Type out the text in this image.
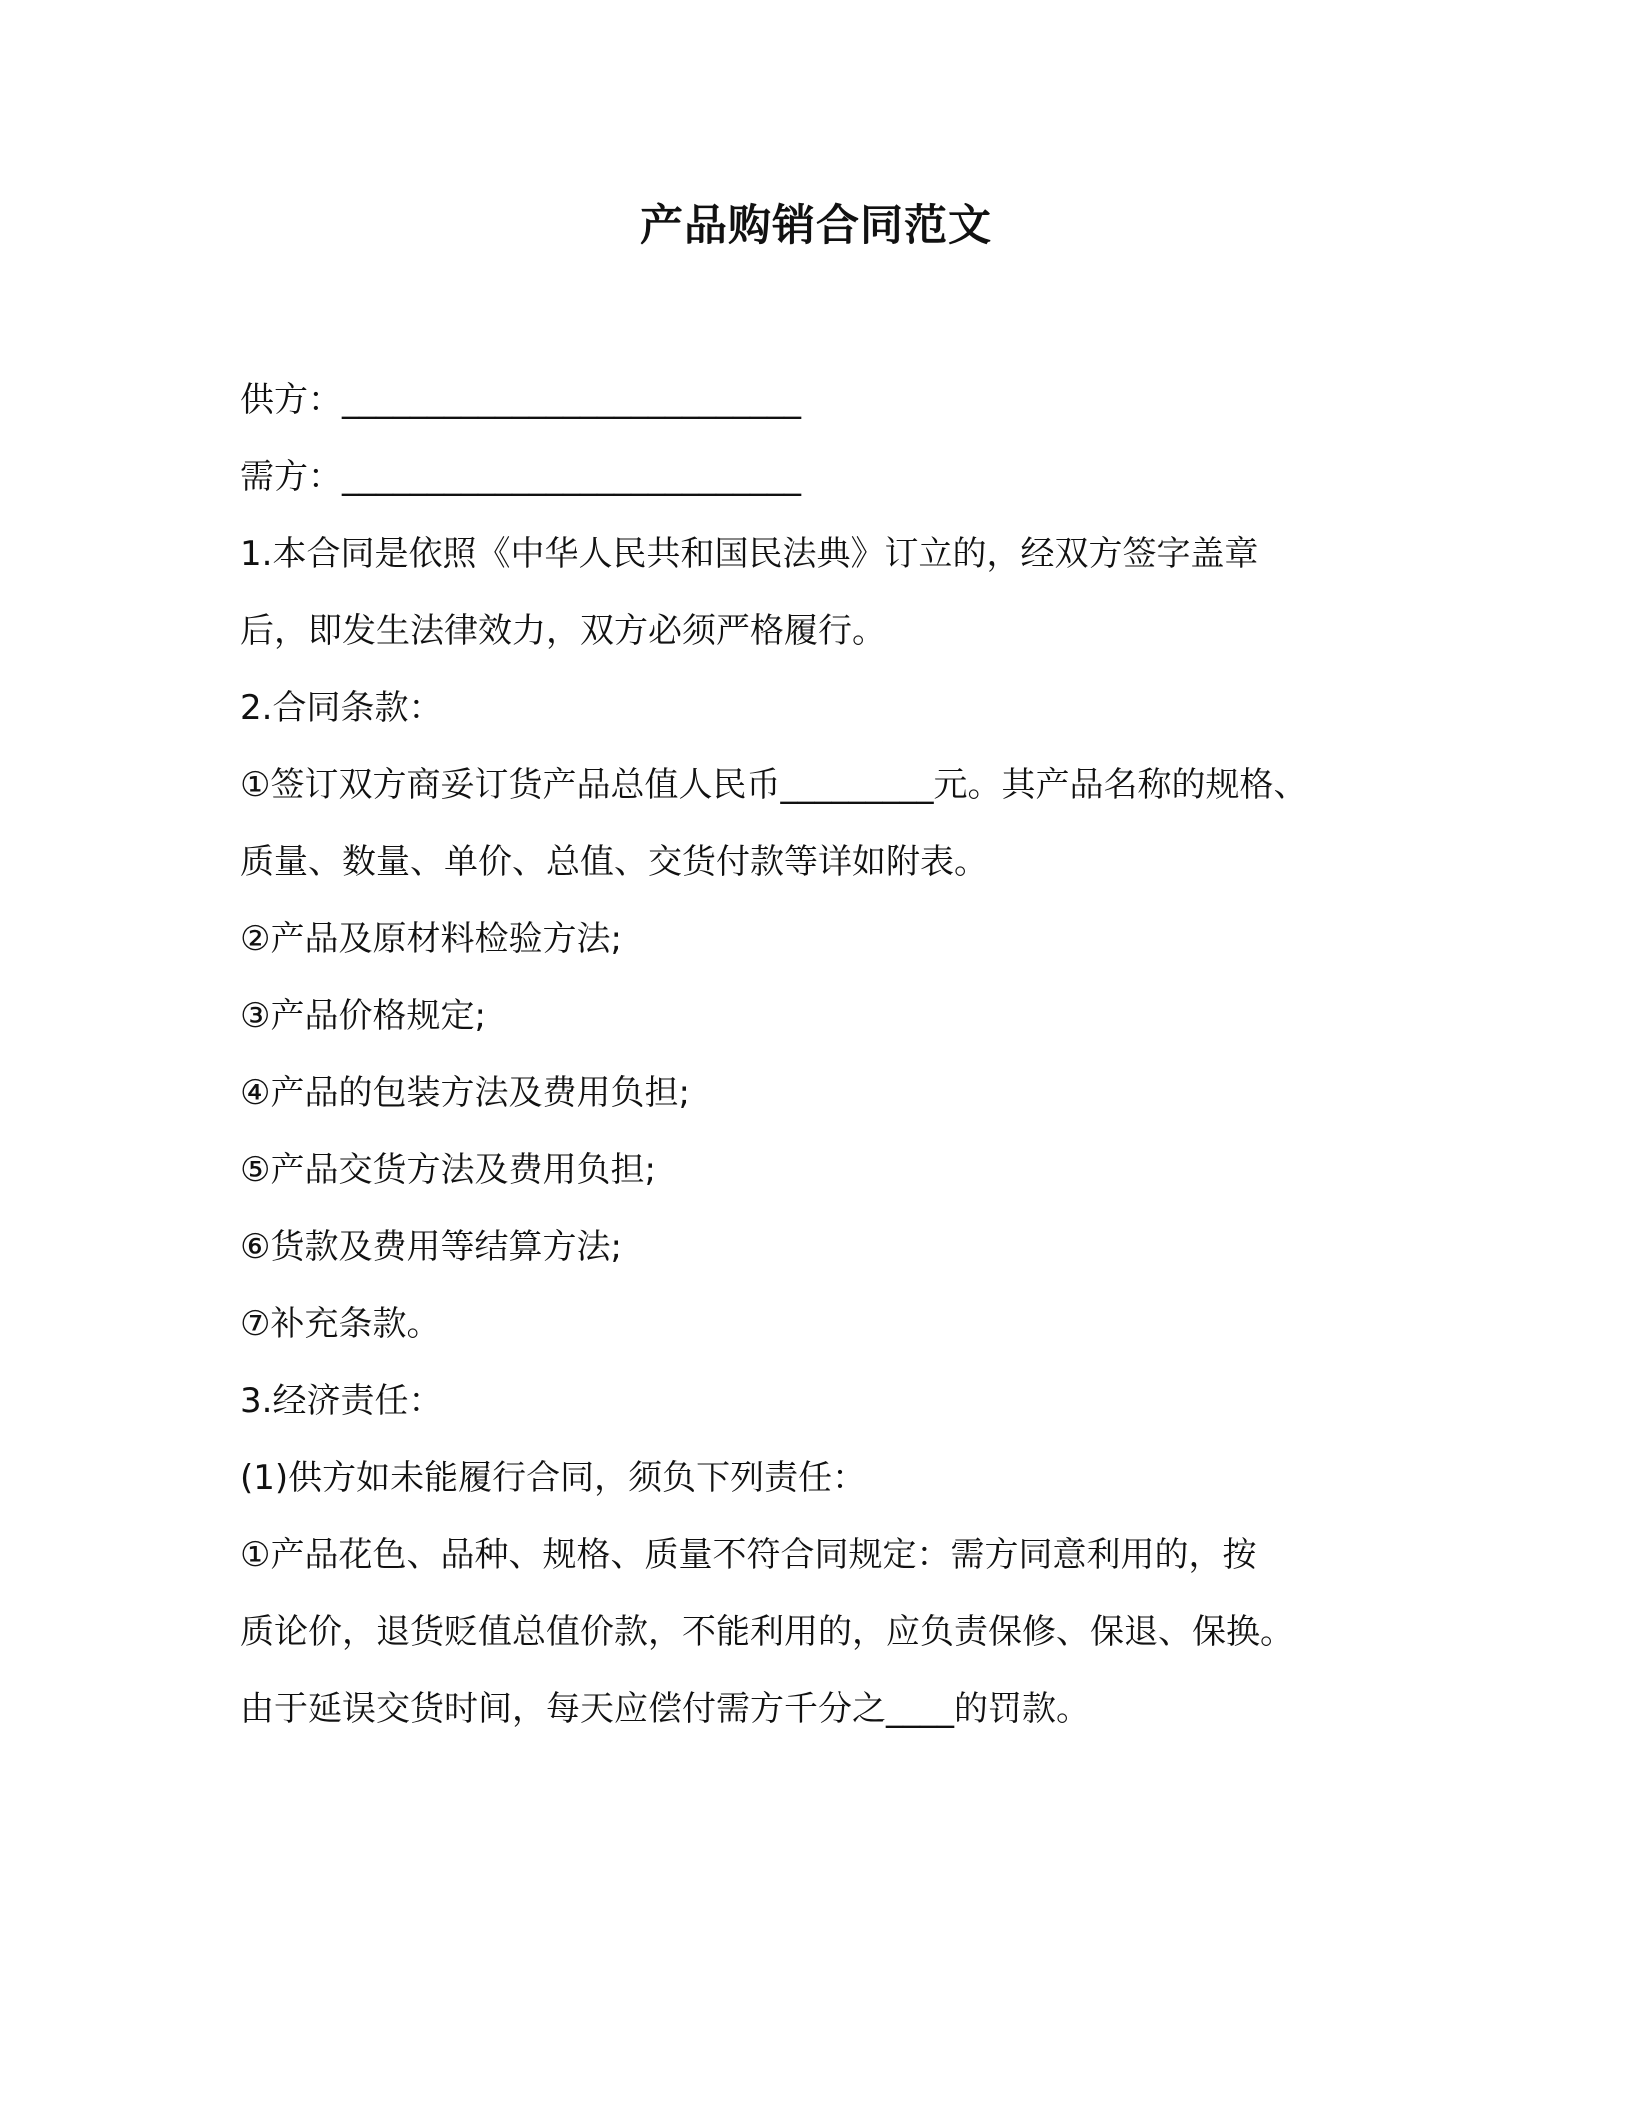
产品购销合同范文

供方：___________________________

需方：___________________________

1.本合同是依照《中华人民共和国民法典》订立的，经双方签字盖章

后，即发生法律效力，双方必须严格履行。

2.合同条款：

①签订双方商妥订货产品总值人民币_________元。其产品名称的规格、

质量、数量、单价、总值、交货付款等详如附表。

②产品及原材料检验方法;

③产品价格规定;

④产品的包装方法及费用负担;

⑤产品交货方法及费用负担;

⑥货款及费用等结算方法;

⑦补充条款。

3.经济责任：

(1)供方如未能履行合同，须负下列责任：

①产品花色、品种、规格、质量不符合同规定：需方同意利用的，按

质论价，退货贬值总值价款，不能利用的，应负责保修、保退、保换。

由于延误交货时间，每天应偿付需方千分之____的罚款。
